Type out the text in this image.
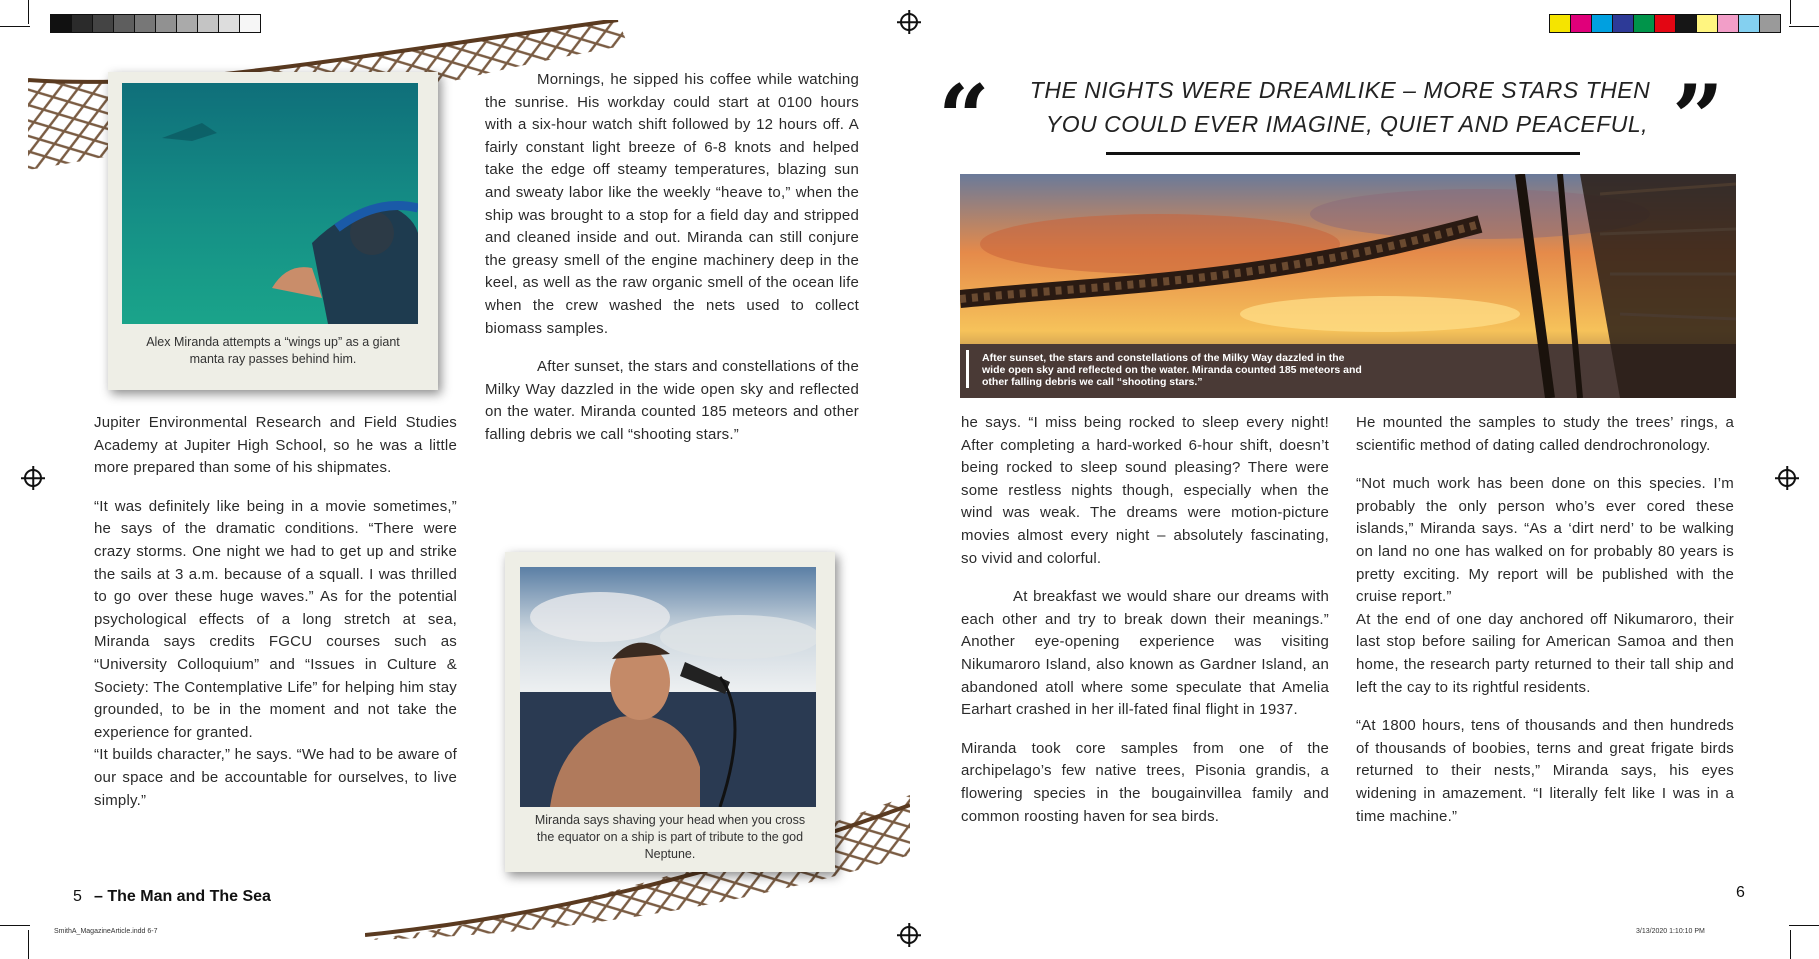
Alex Miranda attempts a “wings up” as a giant manta ray passes behind him.
Miranda says shaving your head when you cross the equator on a ship is part of tribute to the god Neptune.

Jupiter Environmental Research and Field Studies Academy at Jupiter High School, so he was a little more prepared than some of his shipmates.

“It was definitely like being in a movie sometimes,” he says of the dramatic conditions. “There were crazy storms. One night we had to get up and strike the sails at 3 a.m. because of a squall. I was thrilled to go over these huge waves.” As for the potential psychological effects of a long stretch at sea, Miranda says credits FGCU courses such as “University Colloquium” and “Issues in Culture & Society: The Contemplative Life” for helping him stay grounded, to be in the moment and not take the experience for granted.

“It builds character,” he says. “We had to be aware of our space and be accountable for ourselves, to live simply.”

Mornings, he sipped his coffee while watching the sunrise. His workday could start at 0100 hours with a six-hour watch shift followed by 12 hours off. A fairly constant light breeze of 6-8 knots and helped take the edge off steamy temperatures, blazing sun and sweaty labor like the weekly “heave to,” when the ship was brought to a stop for a field day and stripped and cleaned inside and out. Miranda can still conjure the greasy smell of the engine machinery deep in the keel, as well as the raw organic smell of the ocean life when the crew washed the nets used to collect biomass samples.

After sunset, the stars and constellations of the Milky Way dazzled in the wide open sky and reflected on the water. Miranda counted 185 meteors and other falling debris we call “shooting stars.”

5 – The Man and The Sea
“	”
THE NIGHTS WERE DREAMLIKE – MORE STARS THEN
YOU COULD EVER IMAGINE, QUIET AND PEACEFUL,
After sunset, the stars and constellations of the Milky Way dazzled in the wide open sky and reflected on the water. Miranda counted 185 meteors and other falling debris we call “shooting stars.”

he says. “I miss being rocked to sleep every night! After completing a hard-worked 6-hour shift, doesn’t being rocked to sleep sound pleasing? There were some restless nights though, especially when the wind was weak. The dreams were motion-picture movies almost every night – absolutely fascinating, so vivid and colorful.

At breakfast we would share our dreams with each other and try to break down their meanings.” Another eye-opening experience was visiting Nikumaroro Island, also known as Gardner Island, an abandoned atoll where some speculate that Amelia Earhart crashed in her ill-fated final flight in 1937.

Miranda took core samples from one of the archipelago’s few native trees, Pisonia grandis, a flowering species in the bougainvillea family and common roosting haven for sea birds.

He mounted the samples to study the trees’ rings, a scientific method of dating called dendrochronology.

“Not much work has been done on this species. I’m probably the only person who’s ever cored these islands,” Miranda says. “As a ‘dirt nerd’ to be walking on land no one has walked on for probably 80 years is pretty exciting. My report will be published with the cruise report.”

At the end of one day anchored off Nikumaroro, their last stop before sailing for American Samoa and then home, the research party returned to their tall ship and left the cay to its rightful residents.

“At 1800 hours, tens of thousands and then hundreds of thousands of boobies, terns and great frigate birds returned to their nests,” Miranda says, his eyes widening in amazement. “I literally felt like I was in a time machine.”

6
SmithA_MagazineArticle.indd 6-7	3/13/2020 1:10:10 PM
